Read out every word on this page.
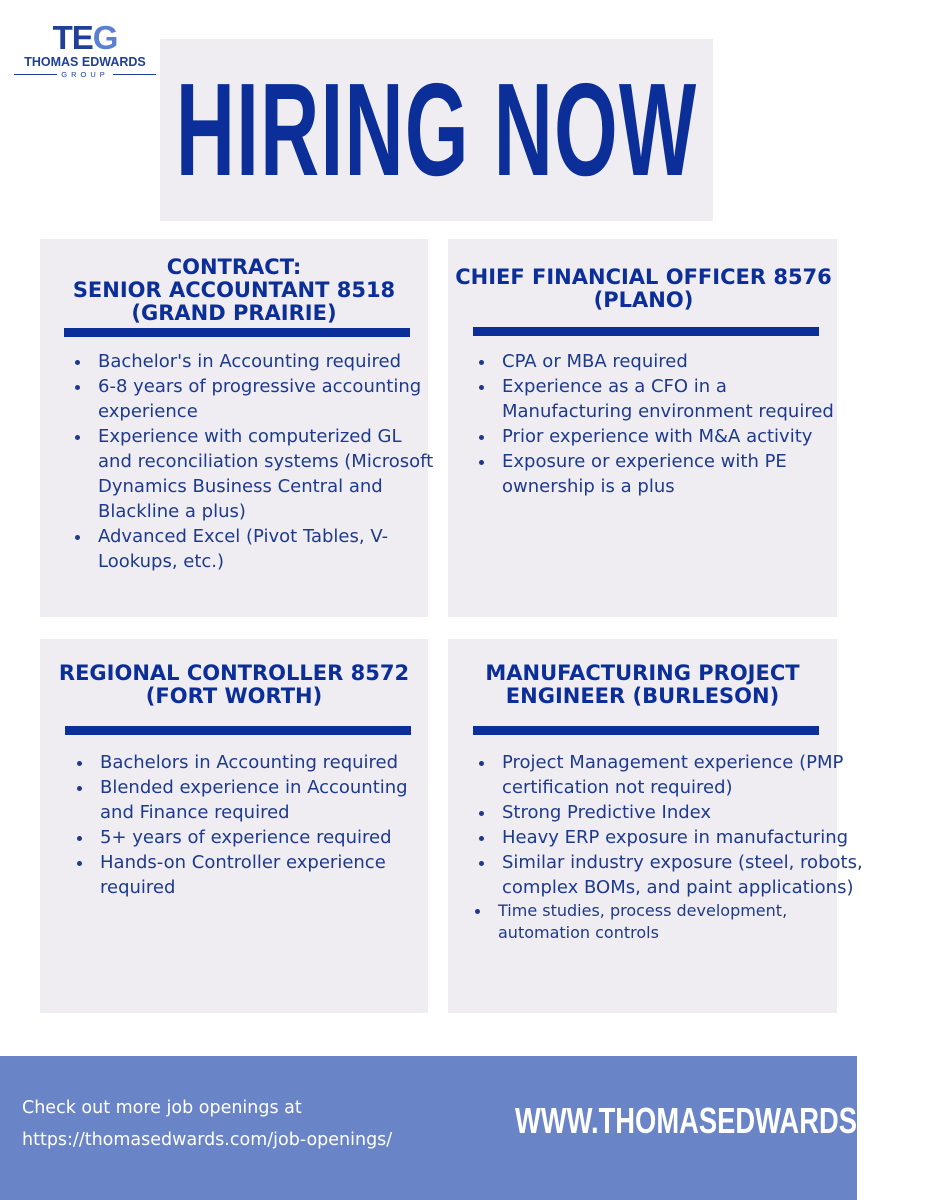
TEG
THOMAS EDWARDS
GROUP HIRING NOW
CONTRACT:
SENIOR ACCOUNTANT 8518
(GRAND PRAIRIE)
Bachelor's in Accounting required
6-8 years of progressive accounting experience
Experience with computerized GL and reconciliation systems (Microsoft Dynamics Business Central and Blackline a plus)
Advanced Excel (Pivot Tables, V-Lookups, etc.)
CHIEF FINANCIAL OFFICER 8576
(PLANO)
CPA or MBA required
Experience as a CFO in a Manufacturing environment required
Prior experience with M&A activity
Exposure or experience with PE ownership is a plus
REGIONAL CONTROLLER 8572
(FORT WORTH)
Bachelors in Accounting required
Blended experience in Accounting and Finance required
5+ years of experience required
Hands-on Controller experience required
MANUFACTURING PROJECT
ENGINEER (BURLESON)
Project Management experience (PMP certification not required)
Strong Predictive Index
Heavy ERP exposure in manufacturing
Similar industry exposure (steel, robots, complex BOMs, and paint applications)
Time studies, process development, automation controls
Check out more job openings at
https://thomasedwards.com/job-openings/	WWW.THOMASEDWARDS.COM
